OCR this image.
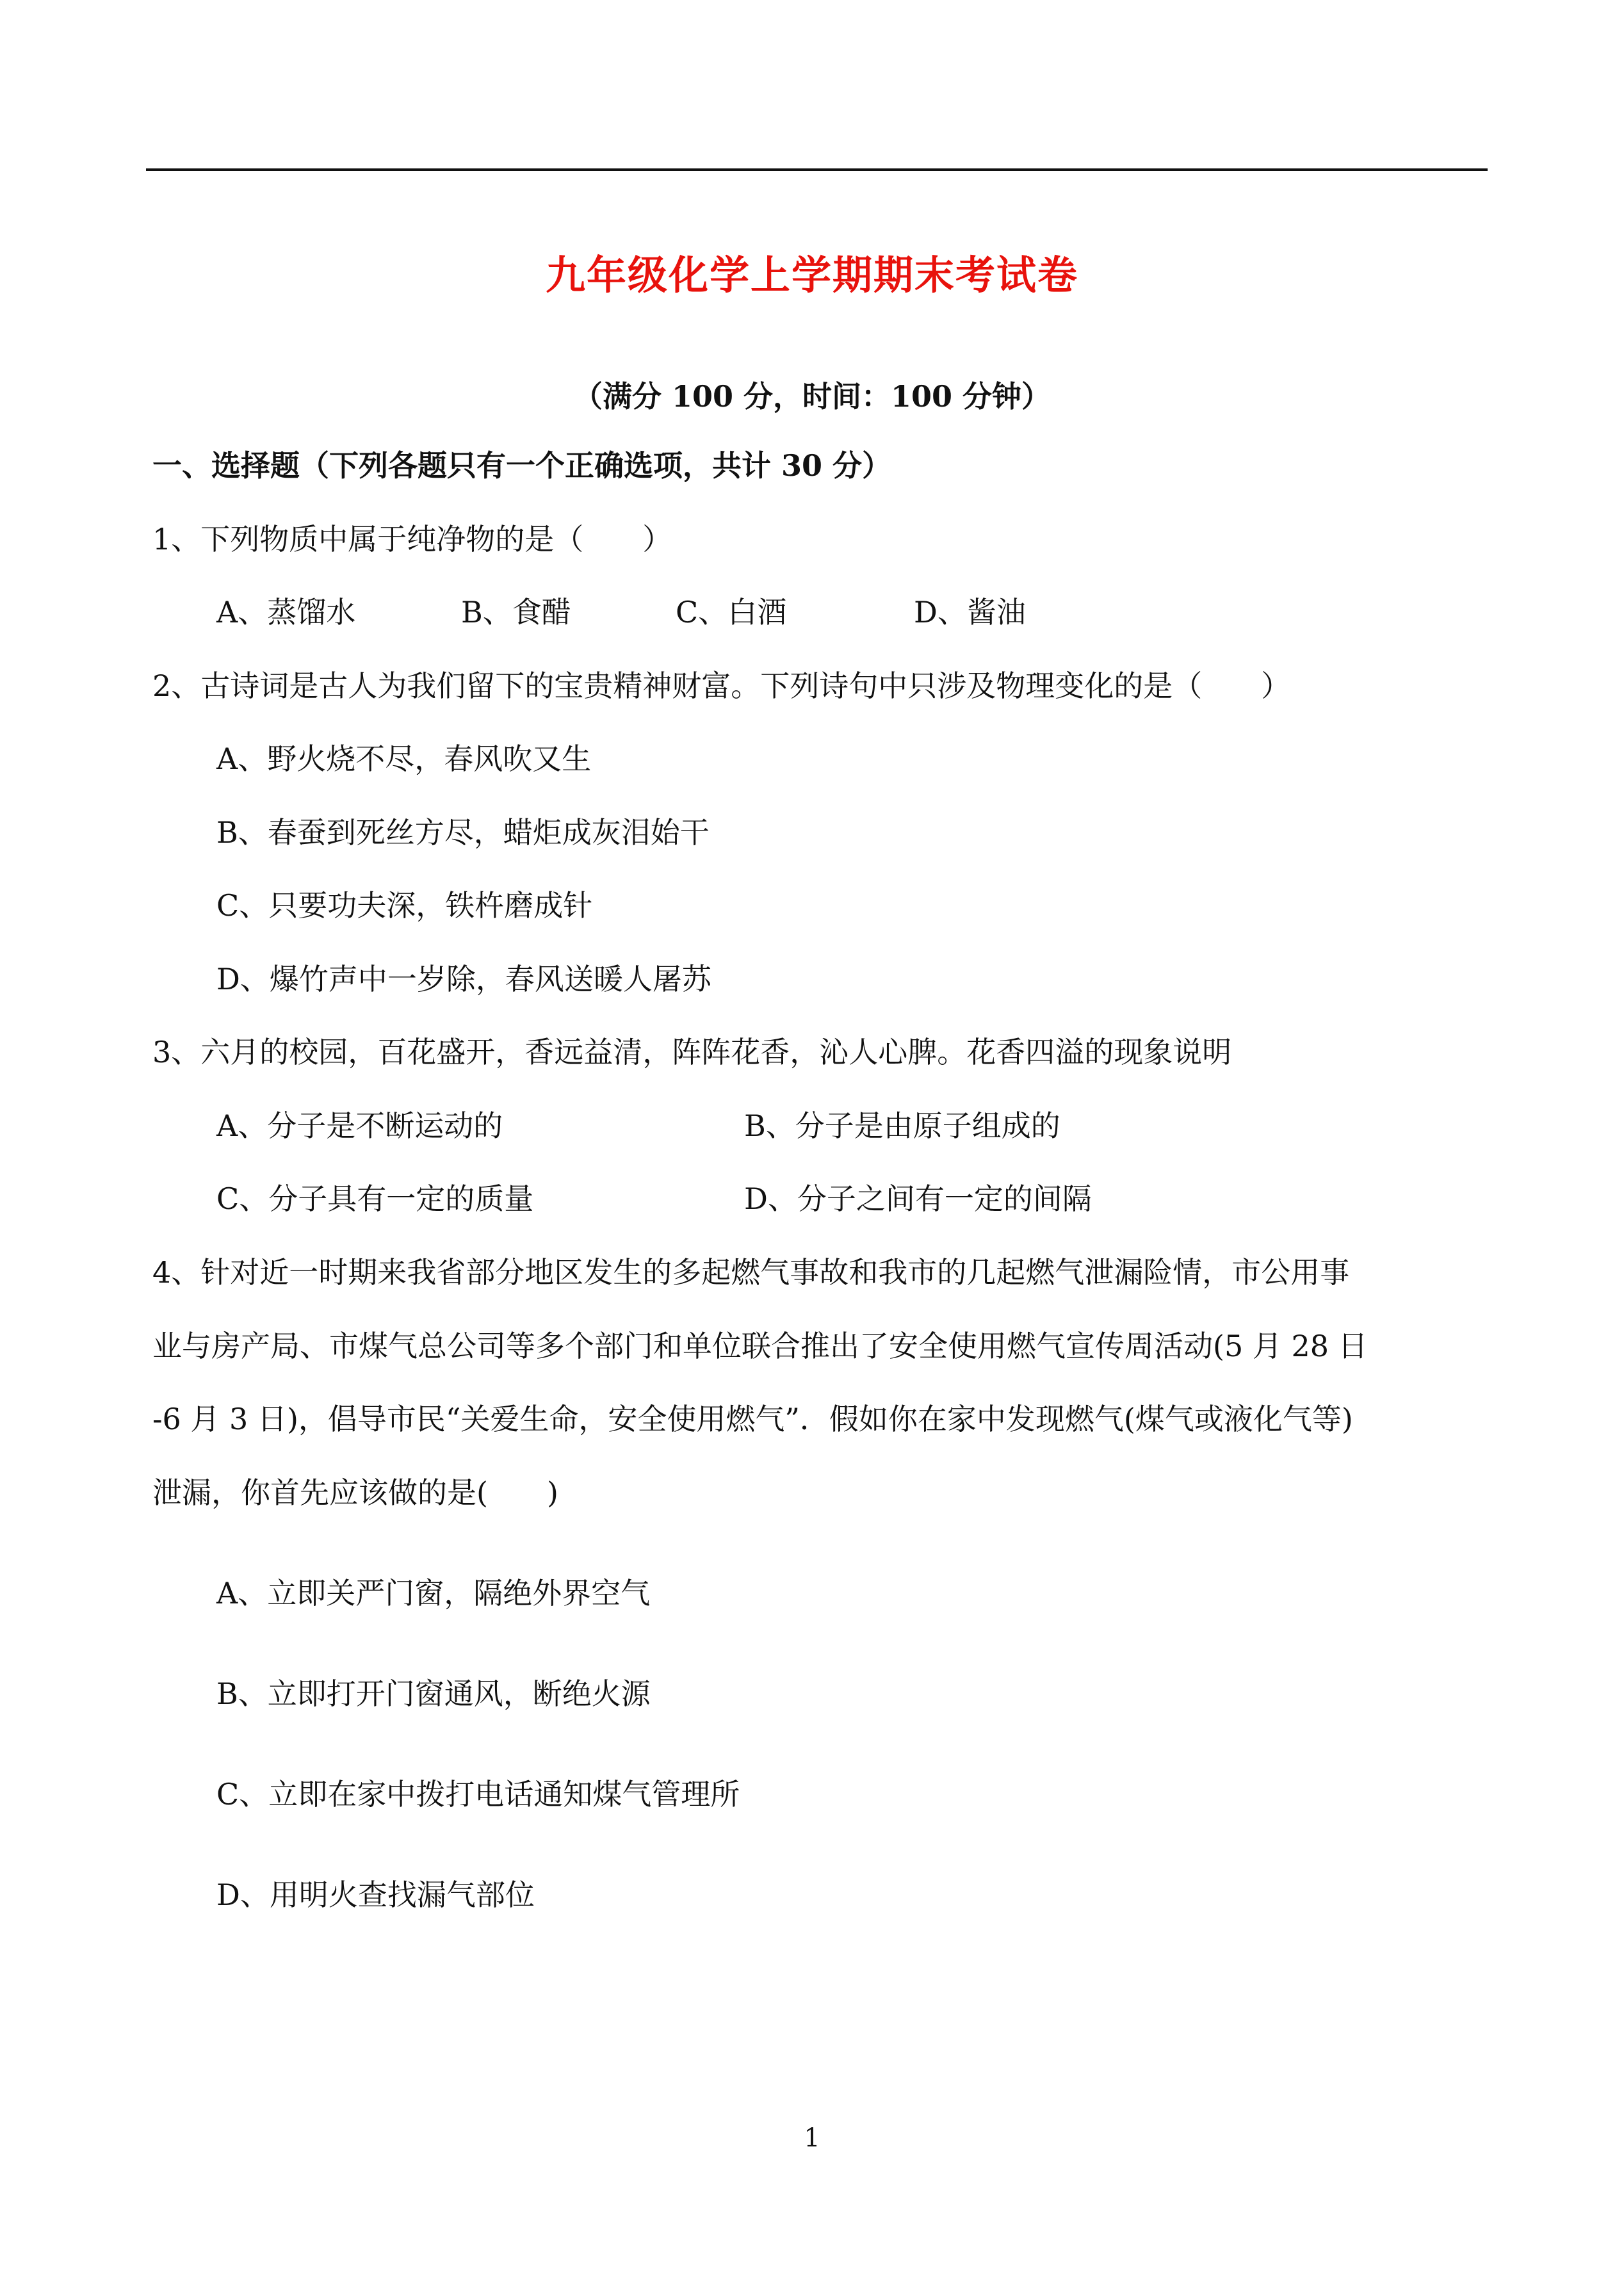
九年级化学上学期期末考试卷
（满分 100 分，时间：100 分钟）
一、选择题（下列各题只有一个正确选项，共计 30 分）
1、下列物质中属于纯净物的是（　　）
A、蒸馏水	B、食醋	C、白酒	D、酱油
2、古诗词是古人为我们留下的宝贵精神财富。下列诗句中只涉及物理变化的是（　　）
A、野火烧不尽，春风吹又生
B、春蚕到死丝方尽，蜡炬成灰泪始干
C、只要功夫深，铁杵磨成针
D、爆竹声中一岁除，春风送暖人屠苏
3、六月的校园，百花盛开，香远益清，阵阵花香，沁人心脾。花香四溢的现象说明
A、分子是不断运动的	B、分子是由原子组成的
C、分子具有一定的质量	D、分子之间有一定的间隔
4、针对近一时期来我省部分地区发生的多起燃气事故和我市的几起燃气泄漏险情，市公用事
业与房产局、市煤气总公司等多个部门和单位联合推出了安全使用燃气宣传周活动(5 月 28 日
-6 月 3 日)，倡导市民“关爱生命，安全使用燃气”．假如你在家中发现燃气(煤气或液化气等)
泄漏，你首先应该做的是(　　)
A、立即关严门窗，隔绝外界空气
B、立即打开门窗通风，断绝火源
C、立即在家中拨打电话通知煤气管理所
D、用明火查找漏气部位
1
